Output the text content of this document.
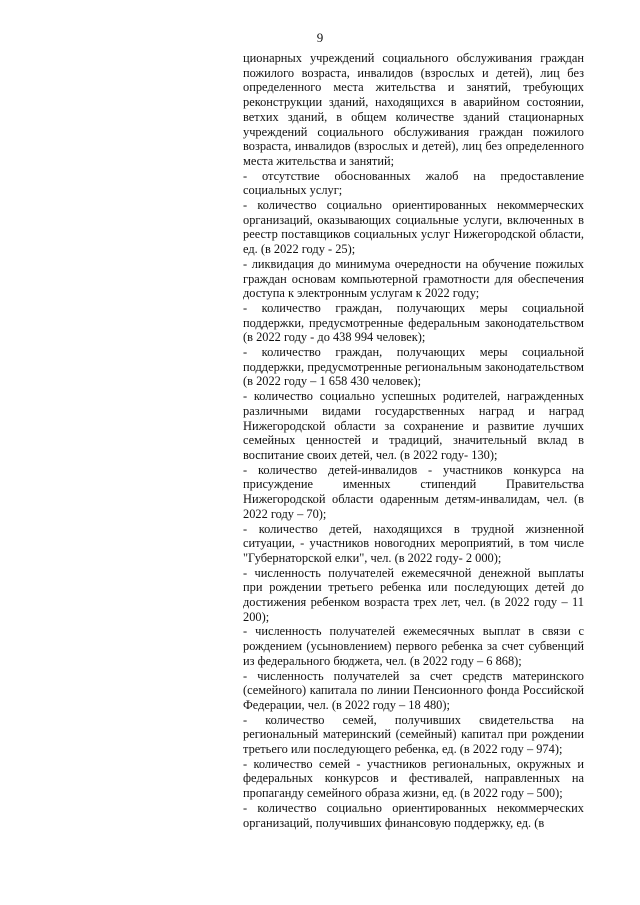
9

ционарных учреждений социального обслуживания граждан пожилого возраста, инвалидов (взрослых и детей), лиц без определенного места жительства и занятий, требующих реконструкции зданий, находящихся в аварийном состоянии, ветхих зданий, в общем количестве зданий стационарных учреждений социального обслуживания граждан пожилого возраста, инвалидов (взрослых и детей), лиц без определенного места жительства и занятий;

- отсутствие обоснованных жалоб на предоставление социальных услуг;

- количество социально ориентированных некоммерческих организаций, оказывающих социальные услуги, включенных в реестр поставщиков социальных услуг Нижегородской области, ед. (в 2022 году - 25);

- ликвидация до минимума очередности на обучение пожилых граждан основам компьютерной грамотности для обеспечения доступа к электронным услугам к 2022 году;

- количество граждан, получающих меры социальной поддержки, предусмотренные федеральным законодательством (в 2022 году - до 438 994 человек);

- количество граждан, получающих меры социальной поддержки, предусмотренные региональным законодательством (в 2022 году – 1 658 430 человек);

- количество социально успешных родителей, награжденных различными видами государственных наград и наград Нижегородской области за сохранение и развитие лучших семейных ценностей и традиций, значительный вклад в воспитание своих детей, чел. (в 2022 году- 130);

- количество детей-инвалидов - участников конкурса на присуждение именных стипендий Правительства Нижегородской области одаренным детям-инвалидам, чел. (в 2022 году – 70);

- количество детей, находящихся в трудной жизненной ситуации, - участников новогодних мероприятий, в том числе "Губернаторской елки", чел. (в 2022 году- 2 000);

- численность получателей ежемесячной денежной выплаты при рождении третьего ребенка или последующих детей до достижения ребенком возраста трех лет, чел. (в 2022 году – 11 200);

- численность получателей ежемесячных выплат в связи с рождением (усыновлением) первого ребенка за счет субвенций из федерального бюджета, чел. (в 2022 году – 6 868);

- численность получателей за счет средств материнского (семейного) капитала по линии Пенсионного фонда Российской Федерации, чел. (в 2022 году – 18 480);

- количество семей, получивших свидетельства на региональный материнский (семейный) капитал при рождении третьего или последующего ребенка, ед. (в 2022 году – 974);

- количество семей - участников региональных, окружных и федеральных конкурсов и фестивалей, направленных на пропаганду семейного образа жизни, ед. (в 2022 году – 500);

- количество социально ориентированных некоммерческих организаций, получивших финансовую поддержку, ед. (в
